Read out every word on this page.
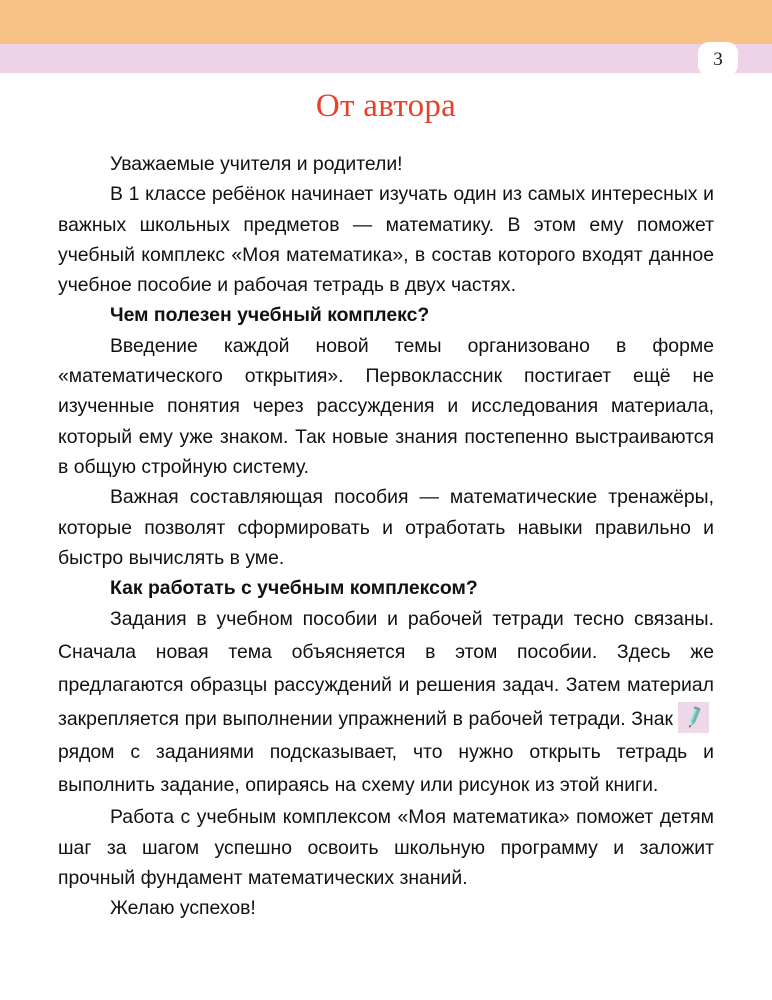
3
От автора

Уважаемые учителя и родители!

В 1 классе ребёнок начинает изучать один из самых интересных и важных школьных предметов — математику. В этом ему поможет учебный комплекс «Моя математика», в состав которого входят данное учебное пособие и рабочая тетрадь в двух частях.

Чем полезен учебный комплекс?

Введение каждой новой темы организовано в форме «математического открытия». Первоклассник постигает ещё не изученные понятия через рассуждения и исследования материала, который ему уже знаком. Так новые знания постепенно выстраиваются в общую стройную систему.

Важная составляющая пособия — математические тренажёры, которые позволят сформировать и отработать навыки правильно и быстро вычислять в уме.

Как работать с учебным комплексом?

Задания в учебном пособии и рабочей тетради тесно связаны. Сначала новая тема объясняется в этом пособии. Здесь же предлагаются образцы рассуждений и решения задач. Затем материал закрепляется при выполнении упражнений в рабочей тетради. Знак
рядом с заданиями подсказывает, что нужно открыть тетрадь и выполнить задание, опираясь на схему или рисунок из этой книги.

Работа с учебным комплексом «Моя математика» поможет детям шаг за шагом успешно освоить школьную программу и заложит прочный фундамент математических знаний.

Желаю успехов!
